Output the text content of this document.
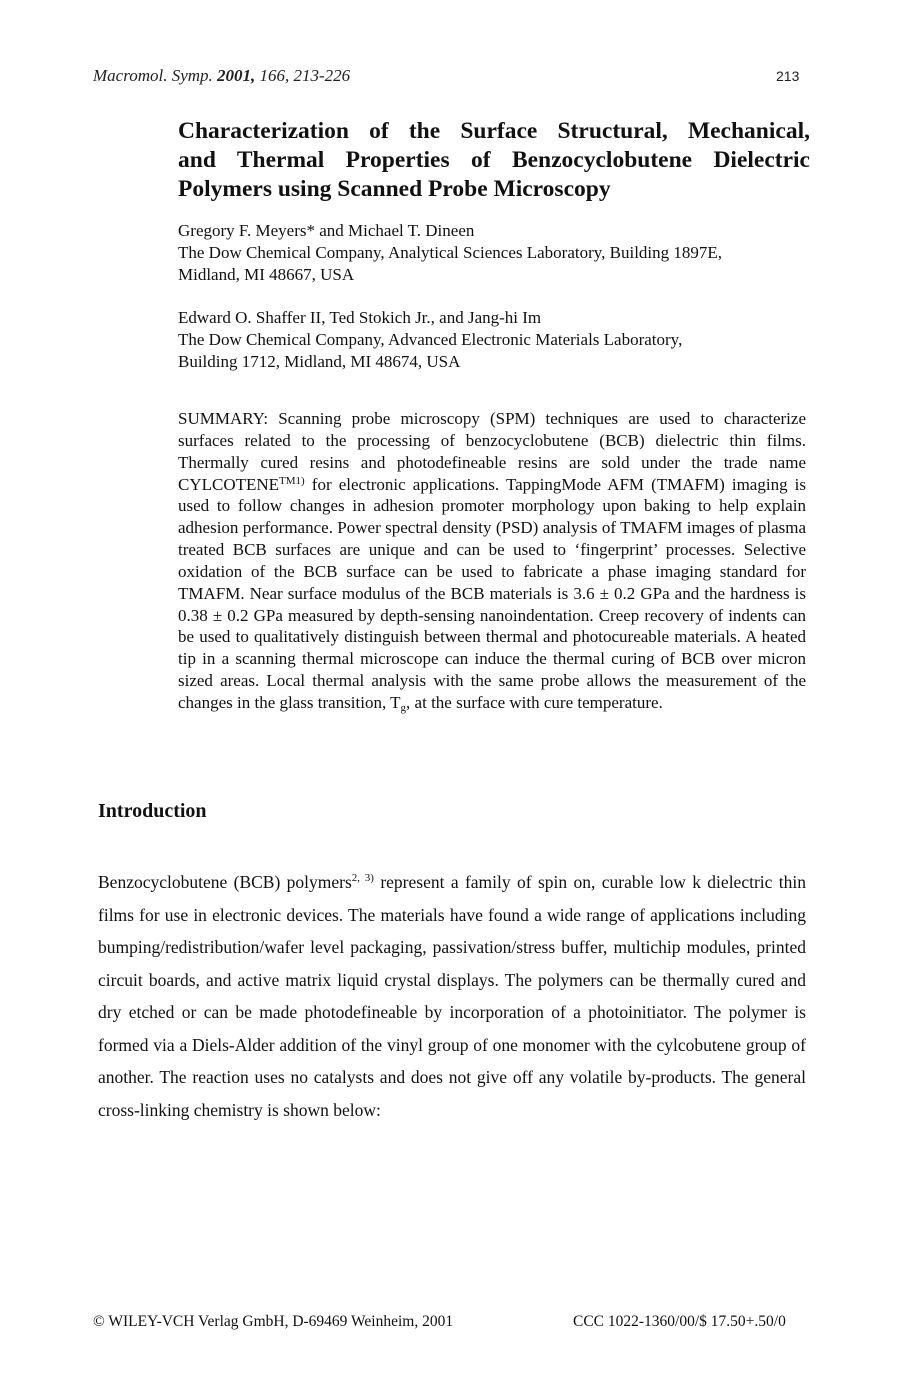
Macromol. Symp. 2001, 166, 213-226	213
Characterization of the Surface Structural, Mechanical,
and Thermal Properties of Benzocyclobutene Dielectric
Polymers using Scanned Probe Microscopy
Gregory F. Meyers* and Michael T. Dineen
The Dow Chemical Company, Analytical Sciences Laboratory, Building 1897E,
Midland, MI 48667, USA
Edward O. Shaffer II, Ted Stokich Jr., and Jang-hi Im
The Dow Chemical Company, Advanced Electronic Materials Laboratory,
Building 1712, Midland, MI 48674, USA

SUMMARY: Scanning probe microscopy (SPM) techniques are used to characterize surfaces related to the processing of benzocyclobutene (BCB) dielectric thin films. Thermally cured resins and photodefineable resins are sold under the trade name $CYLCOTENE^{TM1)}$ for electronic applications. TappingMode AFM (TMAFM) imaging is used to follow changes in adhesion promoter morphology upon baking to help explain adhesion performance. Power spectral density (PSD) analysis of TMAFM images of plasma treated BCB surfaces are unique and can be used to ‘fingerprint’ processes. Selective oxidation of the BCB surface can be used to fabricate a phase imaging standard for TMAFM. Near surface modulus of the BCB materials is 3.6 ± 0.2 GPa and the hardness is 0.38 ± 0.2 GPa measured by depth-sensing nanoindentation. Creep recovery of indents can be used to qualitatively distinguish between thermal and photocureable materials. A heated tip in a scanning thermal microscope can induce the thermal curing of BCB over micron sized areas. Local thermal analysis with the same probe allows the measurement of the changes in the glass transition, $T_g$, at the surface with cure temperature.

Introduction

Benzocyclobutene (BCB) polymers$^{2, 3)}$ represent a family of spin on, curable low k dielectric thin films for use in electronic devices. The materials have found a wide range of applications including bumping/redistribution/wafer level packaging, passivation/stress buffer, multichip modules, printed circuit boards, and active matrix liquid crystal displays. The polymers can be thermally cured and dry etched or can be made photodefineable by incorporation of a photoinitiator. The polymer is formed via a Diels-Alder addition of the vinyl group of one monomer with the cylcobutene group of another. The reaction uses no catalysts and does not give off any volatile by-products. The general cross-linking chemistry is shown below:

© WILEY-VCH Verlag GmbH, D-69469 Weinheim, 2001	CCC 1022-1360/00/$ 17.50+.50/0
